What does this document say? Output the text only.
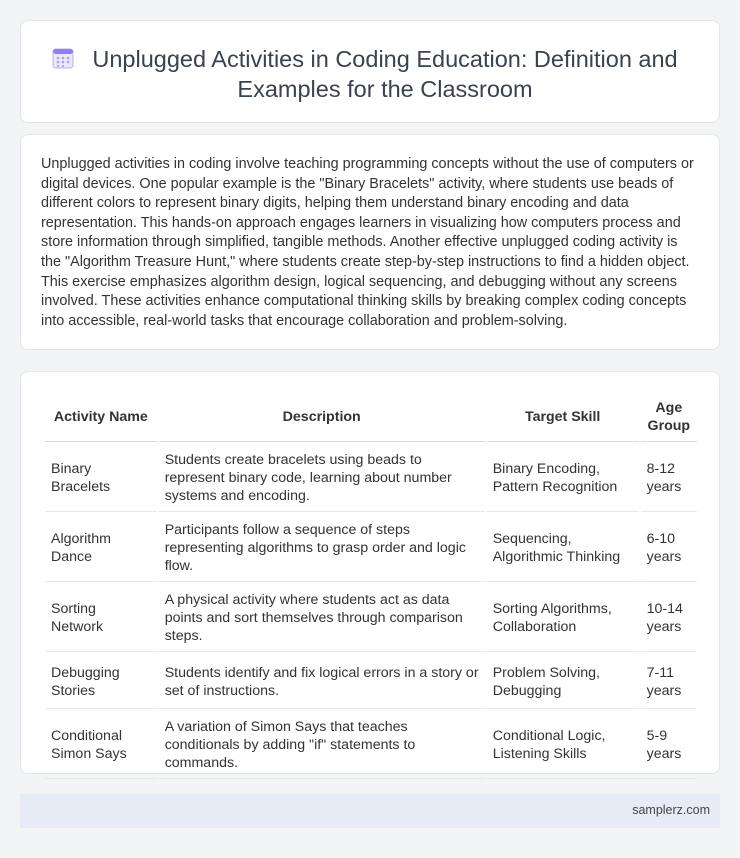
Unplugged Activities in Coding Education: Definition and Examples for the Classroom

Unplugged activities in coding involve teaching programming concepts without the use of computers or digital devices. One popular example is the "Binary Bracelets" activity, where students use beads of different colors to represent binary digits, helping them understand binary encoding and data representation. This hands-on approach engages learners in visualizing how computers process and store information through simplified, tangible methods. Another effective unplugged coding activity is the "Algorithm Treasure Hunt," where students create step-by-step instructions to find a hidden object. This exercise emphasizes algorithm design, logical sequencing, and debugging without any screens involved. These activities enhance computational thinking skills by breaking complex coding concepts into accessible, real-world tasks that encourage collaboration and problem-solving.

Activity Name	Description	Target Skill	Age Group
Binary Bracelets	Students create bracelets using beads to represent binary code, learning about number systems and encoding.	Binary Encoding, Pattern Recognition	8-12 years
Algorithm Dance	Participants follow a sequence of steps representing algorithms to grasp order and logic flow.	Sequencing, Algorithmic Thinking	6-10 years
Sorting Network	A physical activity where students act as data points and sort themselves through comparison steps.	Sorting Algorithms, Collaboration	10-14 years
Debugging Stories	Students identify and fix logical errors in a story or set of instructions.	Problem Solving, Debugging	7-11 years
Conditional Simon Says	A variation of Simon Says that teaches conditionals by adding "if" statements to commands.	Conditional Logic, Listening Skills	5-9 years
samplerz.com
